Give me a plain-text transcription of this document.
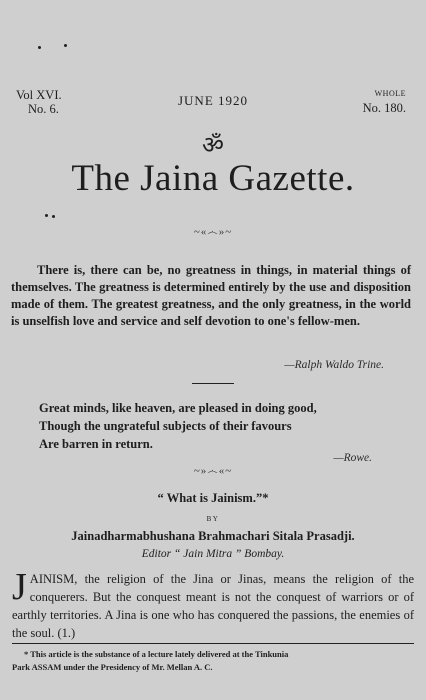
Vol XVI.
No. 6.
JUNE 1920	WHOLE
No. 180.
ॐ
The Jaina Gazette.
~«෴»~
There is, there can be, no greatness in things, in material things of themselves. The greatness is determined entirely by the use and disposition made of them. The greatest greatness, and the only greatness, in the world is unselfish love and service and self devotion to one's fellow-men.
—Ralph Waldo Trine.
Great minds, like heaven, are pleased in doing good,
Though the ungrateful subjects of their favours
Are barren in return.
—Rowe.
~»෴«~
“ What is Jainism.”*
BY
Jainadharmabhushana Brahmachari Sitala Prasadji.
Editor “ Jain Mitra ” Bombay.
JAINISM, the religion of the Jina or Jinas, means the religion of the conquerers. But the conquest meant is not the conquest of warriors or of earthly territories. A Jina is one who has conquered the passions, the enemies of the soul. (1.)
* This article is the substance of a lecture lately delivered at the Tinkunia
Park ASSAM under the Presidency of Mr. Mellan A. C.
